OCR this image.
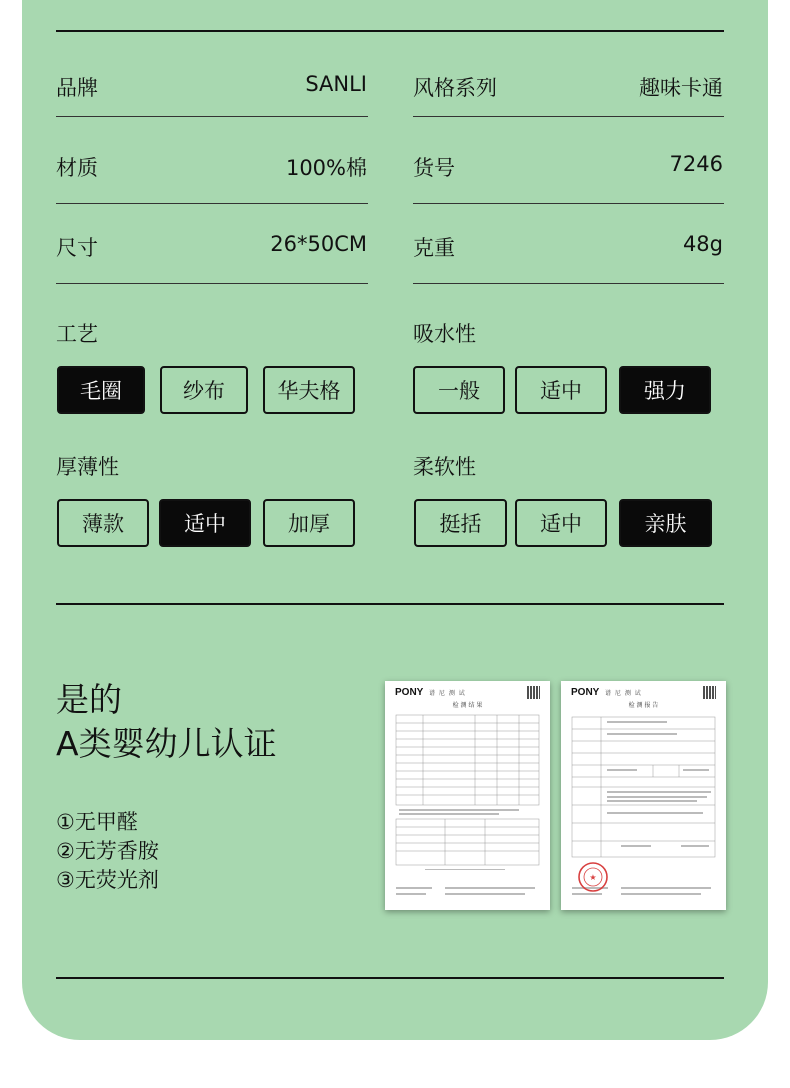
品牌	SANLI 风格系列	趣味卡通
材质	100%棉 货号	7246
尺寸	26*50CM 克重	48g
工艺
毛圈	纱布	华夫格
吸水性
一般	适中	强力
厚薄性
薄款	适中	加厚
柔软性
挺括	适中	亲肤
是的
A类婴幼儿认证
①无甲醛
②无芳香胺
③无荧光剂
PONY 谱 尼 测 试
检 测 结 果
PONY 谱 尼 测 试
检 测 报 告
★
